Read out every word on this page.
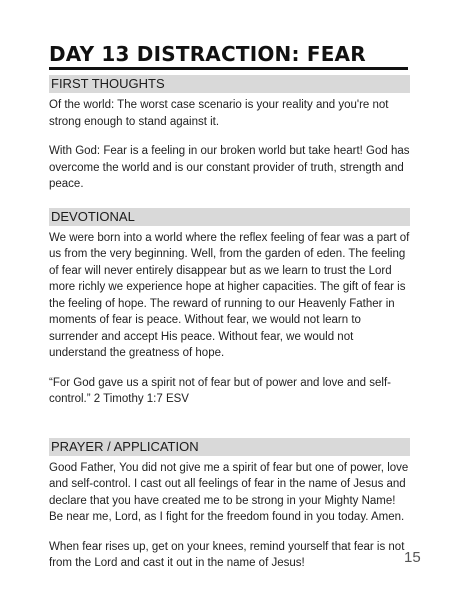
DAY 13 DISTRACTION: FEAR
FIRST THOUGHTS

Of the world: The worst case scenario is your reality and you're not strong enough to stand against it.

With God: Fear is a feeling in our broken world but take heart! God has overcome the world and is our constant provider of truth, strength and peace.

DEVOTIONAL

We were born into a world where the reflex feeling of fear was a part of us from the very beginning. Well, from the garden of eden. The feeling of fear will never entirely disappear but as we learn to trust the Lord more richly we experience hope at higher capacities. The gift of fear is the feeling of hope. The reward of running to our Heavenly Father in moments of fear is peace. Without fear, we would not learn to surrender and accept His peace. Without fear, we would not understand the greatness of hope.

“For God gave us a spirit not of fear but of power and love and self-control.” 2 Timothy 1:7 ESV

PRAYER / APPLICATION

Good Father, You did not give me a spirit of fear but one of power, love and self-control. I cast out all feelings of fear in the name of Jesus and declare that you have created me to be strong in your Mighty Name! Be near me, Lord, as I fight for the freedom found in you today. Amen.

When fear rises up, get on your knees, remind yourself that fear is not from the Lord and cast it out in the name of Jesus!	15
